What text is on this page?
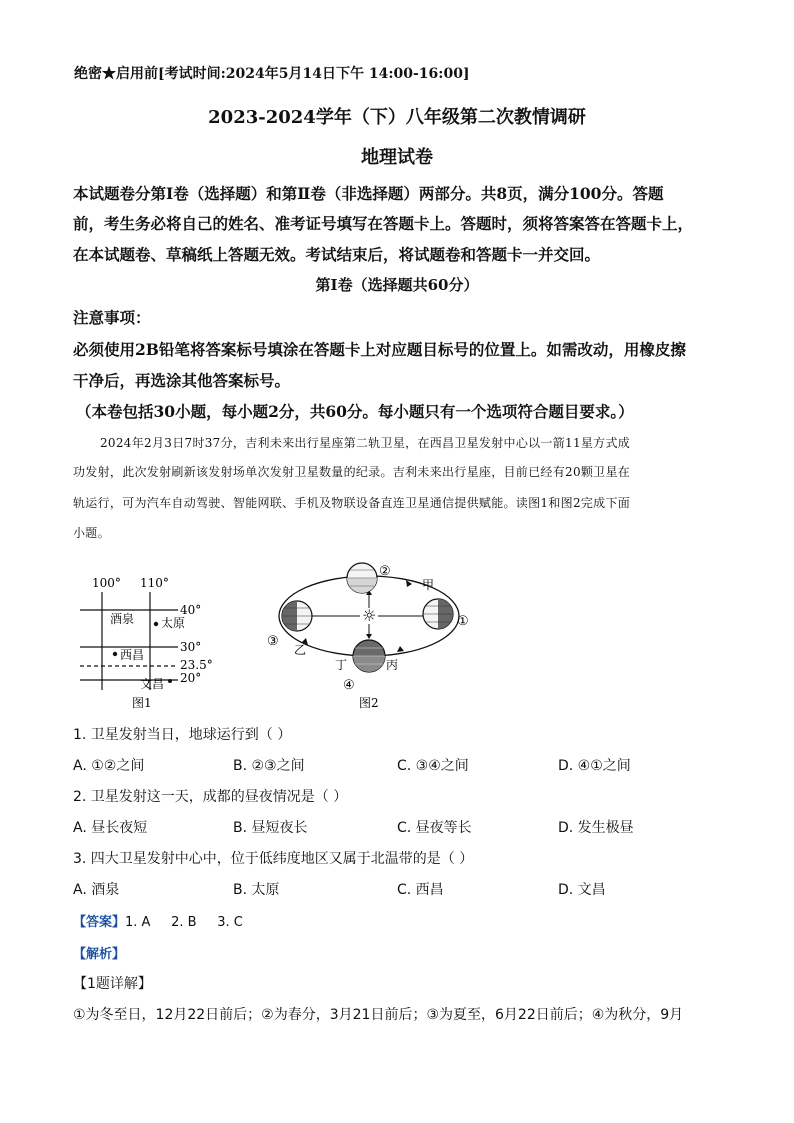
绝密★启用前[考试时间:2024年5月14日下午 14:00-16:00]
2023-2024学年（下）八年级第二次教情调研
地理试卷
本试题卷分第Ⅰ卷（选择题）和第Ⅱ卷（非选择题）两部分。共8页，满分100分。答题
前，考生务必将自己的姓名、准考证号填写在答题卡上。答题时，须将答案答在答题卡上，
在本试题卷、草稿纸上答题无效。考试结束后，将试题卷和答题卡一并交回。
第Ⅰ卷（选择题共60分）
注意事项：
必须使用2B铅笔将答案标号填涂在答题卡上对应题目标号的位置上。如需改动，用橡皮擦
干净后，再选涂其他答案标号。
（本卷包括30小题，每小题2分，共60分。每小题只有一个选项符合题目要求。）
2024年2月3日7时37分，吉利未来出行星座第二轨卫星，在西昌卫星发射中心以一箭11星方式成
功发射，此次发射刷新该发射场单次发射卫星数量的纪录。吉利未来出行星座，目前已经有20颗卫星在
轨运行，可为汽车自动驾驶、智能网联、手机及物联设备直连卫星通信提供赋能。读图1和图2完成下面
小题。
100° 110°
40°
30°
23.5°
20°
酒泉 太原
西昌
文昌
图1
☼
②
甲
③
乙
①
丁	丙
④
图2
1. 卫星发射当日，地球运行到（ ）
A. ①②之间	B. ②③之间	C. ③④之间	D. ④①之间
2. 卫星发射这一天，成都的昼夜情况是（ ）
A. 昼长夜短	B. 昼短夜长	C. 昼夜等长	D. 发生极昼
3. 四大卫星发射中心中，位于低纬度地区又属于北温带的是（ ）
A. 酒泉	B. 太原	C. 西昌	D. 文昌
【答案】1. A     2. B     3. C
【解析】
【1题详解】
①为冬至日，12月22日前后；②为春分，3月21日前后；③为夏至，6月22日前后；④为秋分，9月
